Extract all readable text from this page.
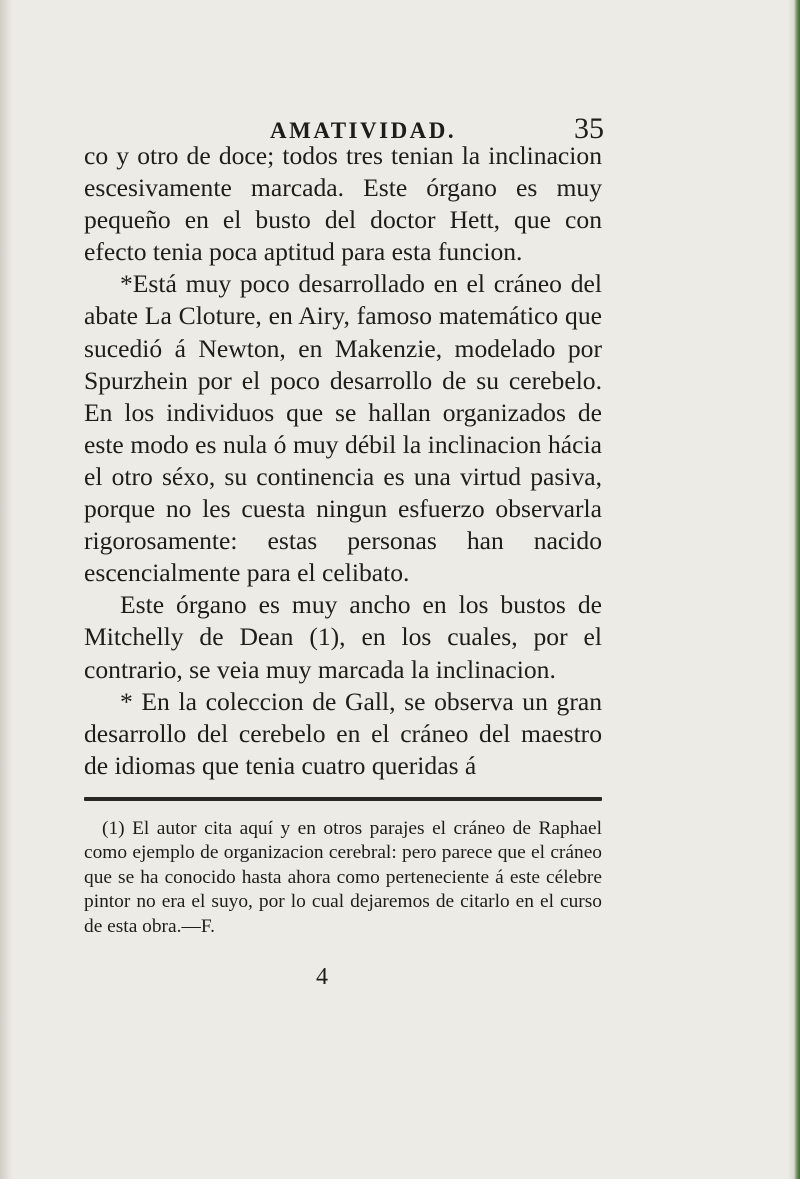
AMATIVIDAD.	35

co y otro de doce; todos tres tenian la inclinacion escesivamente marcada. Este órgano es muy pequeño en el busto del doctor Hett, que con efecto tenia poca aptitud para esta funcion.

*Está muy poco desarrollado en el cráneo del abate La Cloture, en Airy, famoso matemático que sucedió á Newton, en Makenzie, modelado por Spurzhein por el poco desarrollo de su cerebelo. En los individuos que se hallan organizados de este modo es nula ó muy débil la inclinacion hácia el otro séxo, su continencia es una virtud pasiva, porque no les cuesta ningun esfuerzo observarla rigorosamente: estas personas han nacido escencialmente para el celibato.

Este órgano es muy ancho en los bustos de Mitchelly de Dean (1), en los cuales, por el contrario, se veia muy marcada la inclinacion.

* En la coleccion de Gall, se observa un gran desarrollo del cerebelo en el cráneo del maestro de idiomas que tenia cuatro queridas á

(1) El autor cita aquí y en otros parajes el cráneo de Raphael como ejemplo de organizacion cerebral: pero parece que el cráneo que se ha conocido hasta ahora como perteneciente á este célebre pintor no era el suyo, por lo cual dejaremos de citarlo en el curso de esta obra.—F.

4
